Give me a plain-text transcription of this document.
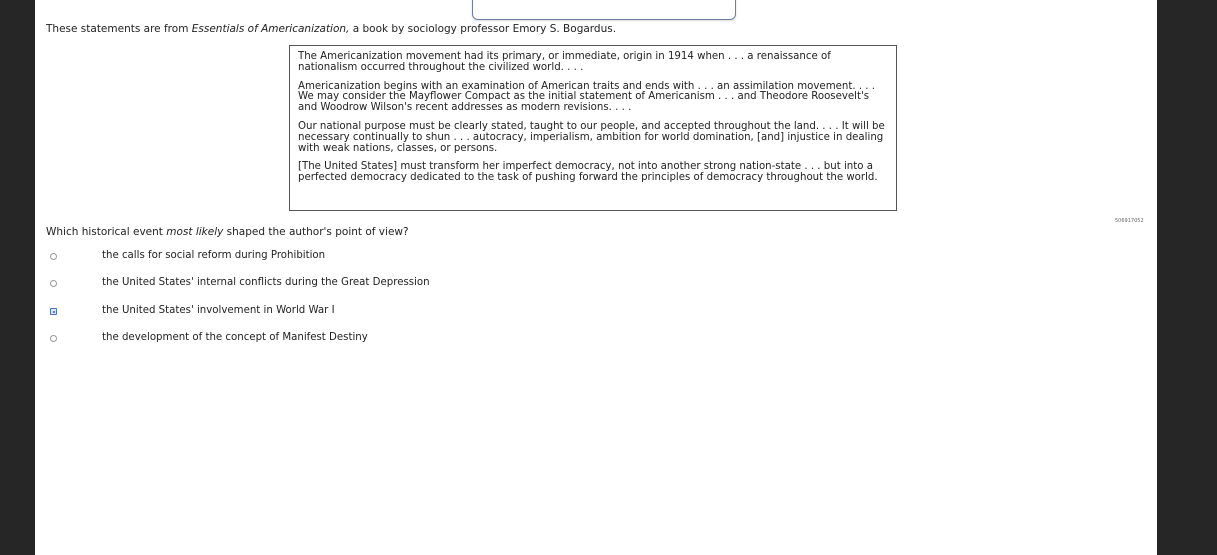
These statements are from Essentials of Americanization, a book by sociology professor Emory S. Bogardus.

The Americanization movement had its primary, or immediate, origin in 1914 when . . . a renaissance of nationalism occurred throughout the civilized world. . . .

Americanization begins with an examination of American traits and ends with . . . an assimilation movement. . . . We may consider the Mayflower Compact as the initial statement of Americanism . . . and Theodore Roosevelt's and Woodrow Wilson's recent addresses as modern revisions. . . .

Our national purpose must be clearly stated, taught to our people, and accepted throughout the land. . . . It will be necessary continually to shun . . . autocracy, imperialism, ambition for world domination, [and] injustice in dealing with weak nations, classes, or persons.

[The United States] must transform her imperfect democracy, not into another strong nation-state . . . but into a perfected democracy dedicated to the task of pushing forward the principles of democracy throughout the world.

506917052
Which historical event most likely shaped the author's point of view?
the calls for social reform during Prohibition
the United States' internal conflicts during the Great Depression
the United States' involvement in World War I
the development of the concept of Manifest Destiny
